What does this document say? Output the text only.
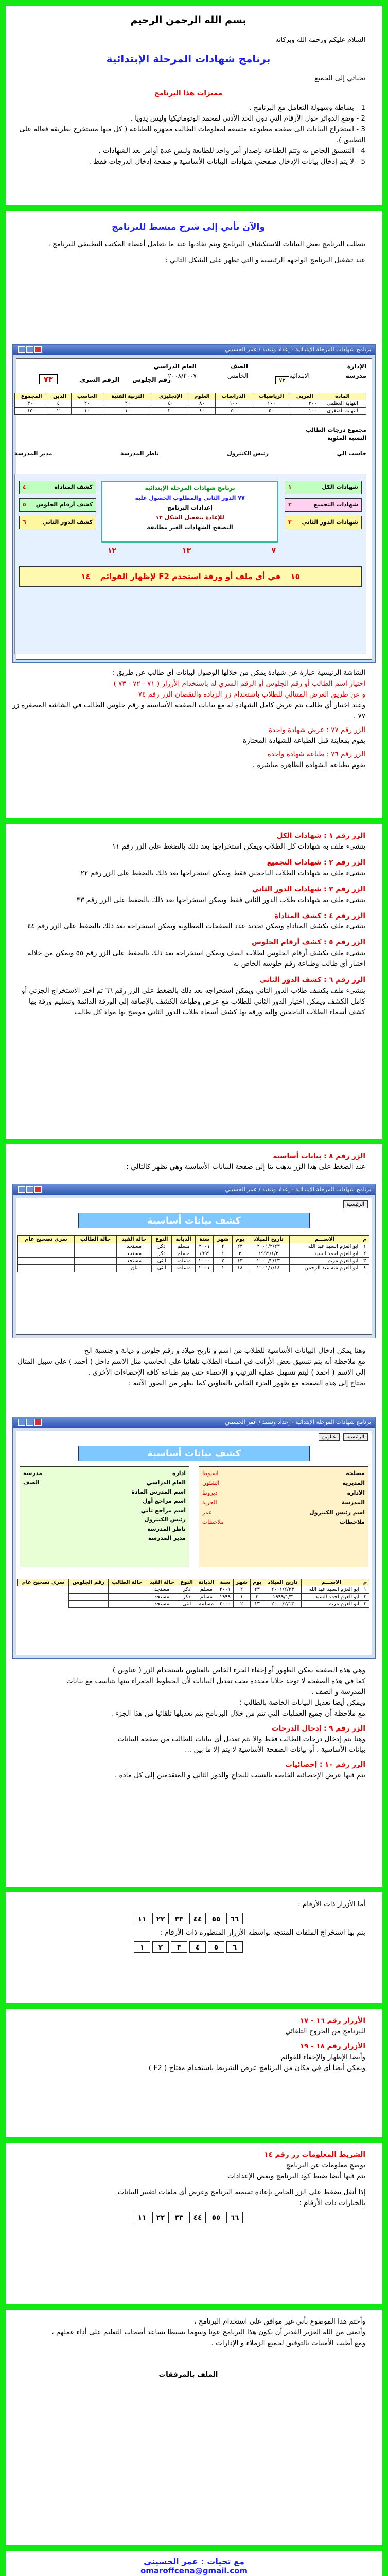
بسم الله الرحمن الرحيم

السلام عليكم ورحمة الله وبركاته

برنامج شهادات المرحلة الإبتدائية

تحياتي إلى الجميع

مميزات هذا البرنامج

1 - بساطة وسهولة التعامل مع البرنامج .

2 - وضع الدوائر حول الأرقام التي دون الحد الأدنى لمحمد الوتوماتيكيا وليس يدويا .

3 - استخراج البيانات الى صفحة مطبوعة متسعة لمعلومات الطالب مجهزة للطباعة ( كل منها مستخرج بطريقة فعالة على التطبيق ).

4 - التنسيق الخاص به وتتم الطباعة بإصدار أمر واحد للطابعة وليس عدة أوامر بعد الشهادات .

5 - لا يتم إدخال بيانات الإدخال صفحتي شهادات البيانات الأساسية و صفحة إدخال الدرجات فقط .

والآن نأتي إلى شرح مبسط للبرنامج

يتطلب البرنامج بعض البيانات للاستكشاف البرنامج ويتم تفاديها عند ما يتعامل أعضاء المكتب التطبيقي للبرنامج ،

عند تشغيل البرنامج الواجهة الرئيسية و التي تظهر على الشكل التالي :

برنامج شهادات المرحلة الإبتدائية - إعداد وتنفيذ / عمر الحسيني
الإدارة
مدرسة
الابتدائية
الصف
الخامس
العام الدراسي
٢٠٠٨/٢٠٠٧
٧٢
رقم الجلوس
الرقم السري
٧٣
المادة	العربي	الرياضيات	الدراسات	العلوم	الإنجليزي	التربية الفنية	الحاسب	الدين	المجموع
النهاية العظمى	٢٠٠	١٠٠	١٠٠	٨٠	٤٠	٢٠	٢٠	٤٠	٣٠٠
النهاية الصغرى	١٠٠	٥٠	٥٠	٤٠	٢٠	١٠	١٠	٢٠	١٥٠
مجموع درجات الطالب
النسبة المئوية
حاسب الي
رئيس الكنترول
ناظر المدرسة
مدير المدرسة
شهادات الكل
١
شهادات التجميع
٢
شهادات الدور الثاني
٣
كشف المناداة
٤
كشف أرقام الجلوس
٥
كشف الدور الثاني
٦

برنامج شهادات المرحلة الإبتدائية

٧٧ الدور الثاني والمطلوب الحصول عليه

إعدادات البرنامج

للإعادة بتفعيل الشكل ١٣

التصفح الشهادات الغير مطابقة

٧
١٣
١٢
١٥ في أي ملف أو ورقة استخدم F2 لإظهار القوائم ١٤

الشاشة الرئيسية عبارة عن شهادة يمكن من خلالها الوصول لبيانات أي طالب عن طريق :

اختيار اسم الطالب أو رقم الجلوس أو الرقم السري له باستخدام الأزرار ( ٧١ - ٧٢ - ٧٣ )

و عن طريق العرض المتتالي للطلاب باستخدام زر الزيادة والنقصان الزر رقم ٧٤

وعند اختيار أي طالب يتم عرض كامل الشهادة له مع بيانات الصفحة الأساسية و رقم جلوس الطالب في الشاشة المصغرة زر ٧٧ .

الزر رقم ٧٧ : عرض شهادة واحدة

يقوم بمعاينة قبل الطباعة للشهادة المختارة

الزر رقم ٧٦ : طباعة شهادة واحدة

يقوم بطباعة الشهادة الظاهرة مباشرة .

الزر رقم ١ : شهادات الكل

يتشىء ملف به شهادات كل الطلاب ويمكن استخراجها بعد ذلك بالضغط على الزر رقم ١١

الزر رقم ٢ : شهادات التجميع

يتشىء ملف به شهادات الطلاب الناجحين فقط ويمكن استخراجها بعد ذلك بالضغط على الزر رقم ٢٢

الزر رقم ٣ : شهادات الدور الثاني

يتشىء ملف به شهادات طلاب الدور الثاني فقط ويمكن استخراجها بعد ذلك بالضغط على الزر رقم ٣٣

الزر رقم ٤ : كشف المناداة

يتشىء ملف بكشف المناداة ويمكن تحديد عدد الصفحات المطلوبة ويمكن استخراجه بعد ذلك بالضغط على الزر رقم ٤٤

الزر رقم ٥ : كشف أرقام الجلوس

يتشىء ملف بكشف أرقام الجلوس لطلاب الصف ويمكن استخراجه بعد ذلك بالضغط على الزر رقم ٥٥ ويمكن من خلاله اختيار أي طالب وطباعة رقم جلوسه الخاص به

الزر رقم ٦ : كشف الدور الثاني

يتشىء ملف بكشف طلاب الدور الثاني ويمكن استخراجه بعد ذلك بالضغط على الزر رقم ٦٦ ثم أختر الاستخراج الجزئي أو كامل الكشف ويمكن اختيار الدور الثاني للطلاب مع عرض وطباعة الكشف بالإضافة إلى الورقة الدائمة وتسليم ورقة بها كشف أسماء الطلاب الناجحين وإليه ورقة بها كشف أسماء طلاب الدور الثاني موضح بها مواد كل طالب

الزر رقم ٨ : بيانات أساسية

عند الضغط على هذا الزر يذهب بنا إلى صفحة البيانات الأساسية وهي تظهر كالتالي :

برنامج شهادات المرحلة الإبتدائية - إعداد وتنفيذ / عمر الحسيني
الرئيسية
كشف بيانات أساسية
م	الاســـم	تاريخ الميلاد	يوم	شهر	سنة	الديانة	النوع	حالة القيد	حالة الطالب	سري تصحيح عام
١	ابو العزم السيد عبد الله	٢٠٠١/٢/٢٣	٢٣	٢	٢٠٠١	مسلم	ذكر	مستجد		
٢	ابو العزم احمد السيد	١٩٩٩/١/٣	٣	١	١٩٩٩	مسلم	ذكر	مستجد		
٣	ابو العزم مريم	٢٠٠٠/٢/١٣	١٣	٢	٢٠٠٠	مسلمة	انثى	مستجد		
٤	ابو العزم منة عبد الرحمن	٢٠٠١/١/١٨	١٨	١	٢٠٠١	مسلمة	انثى	باق		

وهنا يمكن إدخال البيانات الأساسية للطلاب من اسم و تاريخ ميلاد و رقم جلوس و ديانة و جنسية الخ

مع ملاحظة أنه يتم تنسيق بعض الأرانب في اسماء الطلاب تلقائيا على الحاسب مثل الاسم داخل ( أحمد ) على سبيل المثال

إلى الاسم ( احمد ) ليتم تسهيل عملية الترتيب و الإحصاء حتى يتم طباعة كافة الإحصاءات الأخرى .

يحتاج إلى هذه الصفحة مع ظهور الجزء الخاص بالعناوين كما يظهر من الصور الآتية :

برنامج شهادات المرحلة الإبتدائية - إعداد وتنفيذ / عمر الحسيني
الرئيسية عناوين
كشف بيانات أساسية
مصلحة
اسيوط
المديرية
الشئون
الادارة
ديروط
المدرسة
الحرية
اسم رئيس الكنترول
عمر
ملاحظات
ملاحظات
ادارة
مدرسة
العام الدراسي
الصف
اسم المدرس المادة
اسم مراجع أول
اسم مراجع ثاني
رئيس الكنترول
ناظر المدرسة
مدير المدرسة
م	الاســـم	تاريخ الميلاد	يوم	شهر	سنة	الديانة	النوع	حالة القيد	حالة الطالب	رقم الجلوس	سري تصحيح عام
١	ابو العزم السيد عبد الله	٢٠٠١/٢/٢٣	٢٣	٢	٢٠٠١	مسلم	ذكر	مستجد			
٢	ابو العزم احمد السيد	١٩٩٩/١/٣	٣	١	١٩٩٩	مسلم	ذكر	مستجد			
٣	ابو العزم مريم	٢٠٠٠/٢/١٣	١٣	٢	٢٠٠٠	مسلمة	انثى	مستجد			

وهي هذه الصفحة يمكن الظهور أو إخفاء الجزء الخاص بالعناوين باستخدام الزر ( عناوين )

كما في هذه الصفحة لا توجد خلايا محددة يجب تعديل البيانات لأن الخطوط الحمراء بينها بتناسب مع بيانات

المدرسة و الصف .

ويمكن أيضا تعديل البيانات الخاصة بالطالب ؛

مع ملاحظة أن جميع العمليات التي تتم من خلال البرنامج يتم تعديلها تلقائيا من هذا الجزء .

الزر رقم ٩ : إدخال الدرجات

وهنا يتم إدخال درجات الطالب فقط والا يتم تعديل أي بيانات للطالب من صفحة البيانات

بيانات الأساسية ، أو بيانات الصفحة الأساسية لا يتم إلا ما بين ...

الزر رقم ١٠ : إحصائيات

يتم فيها عرض الإحصائية الخاصة بالنسب للنجاح والدور الثاني و المتقدمين إلى كل مادة .

أما الأزرار ذات الأرقام :

١١	٢٢	٣٣	٤٤	٥٥	٦٦

يتم بها استخراج الملفات المنتجة بواسطة الأزرار المنظورة ذات الأرقام :

١	٢	٣	٤	٥	٦

الأزرار رقم ١٦ - ١٧

للبرنامج من الخروج التلقائي

الأزرار رقم ١٨ - ١٩

وأيضا الإظهار والإخفاء للقوائم

ويمكن أيضا أي في مكان من البرنامج عرض الشريط باستخدام مفتاح ( F2 )

الشريط المعلومات زر رقم ١٤

يوضح معلومات عن البرنامج

يتم فيها أيضا ضبط كود البرنامج وبعض الإعدادات

إذا أنقل بضغط على الزر الخاص بإعادة تسمية البرنامج وعرض أي ملفات لتغيير البيانات

بالخيارات ذات الأرقام :

١١	٢٢	٣٣	٤٤	٥٥	٦٦

وأختم هذا الموضوع بأني غير موافق على استخدام البرنامج ،

وأتمنى من الله العزيز القدير أن يكون هذا البرنامج عونا وسهما بسيطا يساعد أصحاب التعليم على أداء عملهم ،

ومع أطيب الأمنيات بالتوفيق لجميع الزملاء و الإدارات .

الملف بالمرفقات

مع تحيات : عمر الحسيني

omaroffcena@gmail.com
